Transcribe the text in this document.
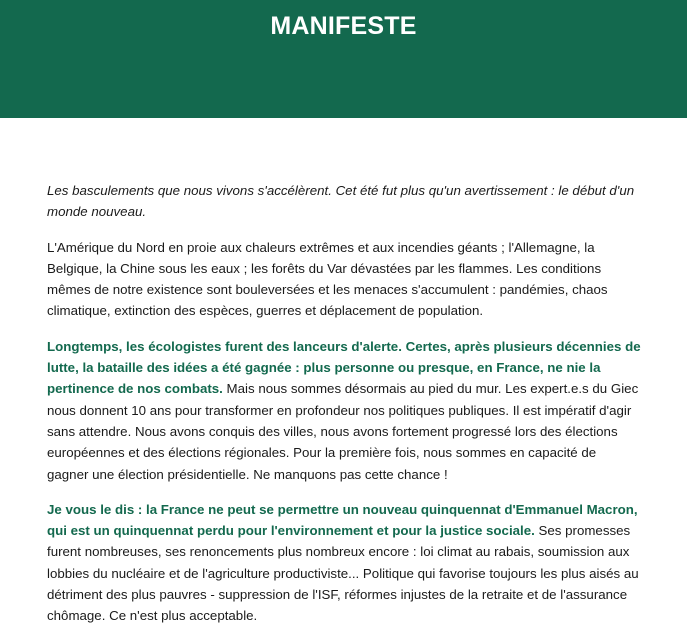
MANIFESTE

Les basculements que nous vivons s'accélèrent. Cet été fut plus qu'un avertissement : le début d'un monde nouveau.

L'Amérique du Nord en proie aux chaleurs extrêmes et aux incendies géants ; l'Allemagne, la Belgique, la Chine sous les eaux ; les forêts du Var dévastées par les flammes. Les conditions mêmes de notre existence sont bouleversées et les menaces s'accumulent : pandémies, chaos climatique, extinction des espèces, guerres et déplacement de population.

Longtemps, les écologistes furent des lanceurs d'alerte. Certes, après plusieurs décennies de lutte, la bataille des idées a été gagnée : plus personne ou presque, en France, ne nie la pertinence de nos combats. Mais nous sommes désormais au pied du mur. Les expert.e.s du Giec nous donnent 10 ans pour transformer en profondeur nos politiques publiques. Il est impératif d'agir sans attendre. Nous avons conquis des villes, nous avons fortement progressé lors des élections européennes et des élections régionales. Pour la première fois, nous sommes en capacité de gagner une élection présidentielle. Ne manquons pas cette chance !

Je vous le dis : la France ne peut se permettre un nouveau quinquennat d'Emmanuel Macron, qui est un quinquennat perdu pour l'environnement et pour la justice sociale. Ses promesses furent nombreuses, ses renoncements plus nombreux encore : loi climat au rabais, soumission aux lobbies du nucléaire et de l'agriculture productiviste... Politique qui favorise toujours les plus aisés au détriment des plus pauvres - suppression de l'ISF, réformes injustes de la retraite et de l'assurance chômage. Ce n'est plus acceptable.
